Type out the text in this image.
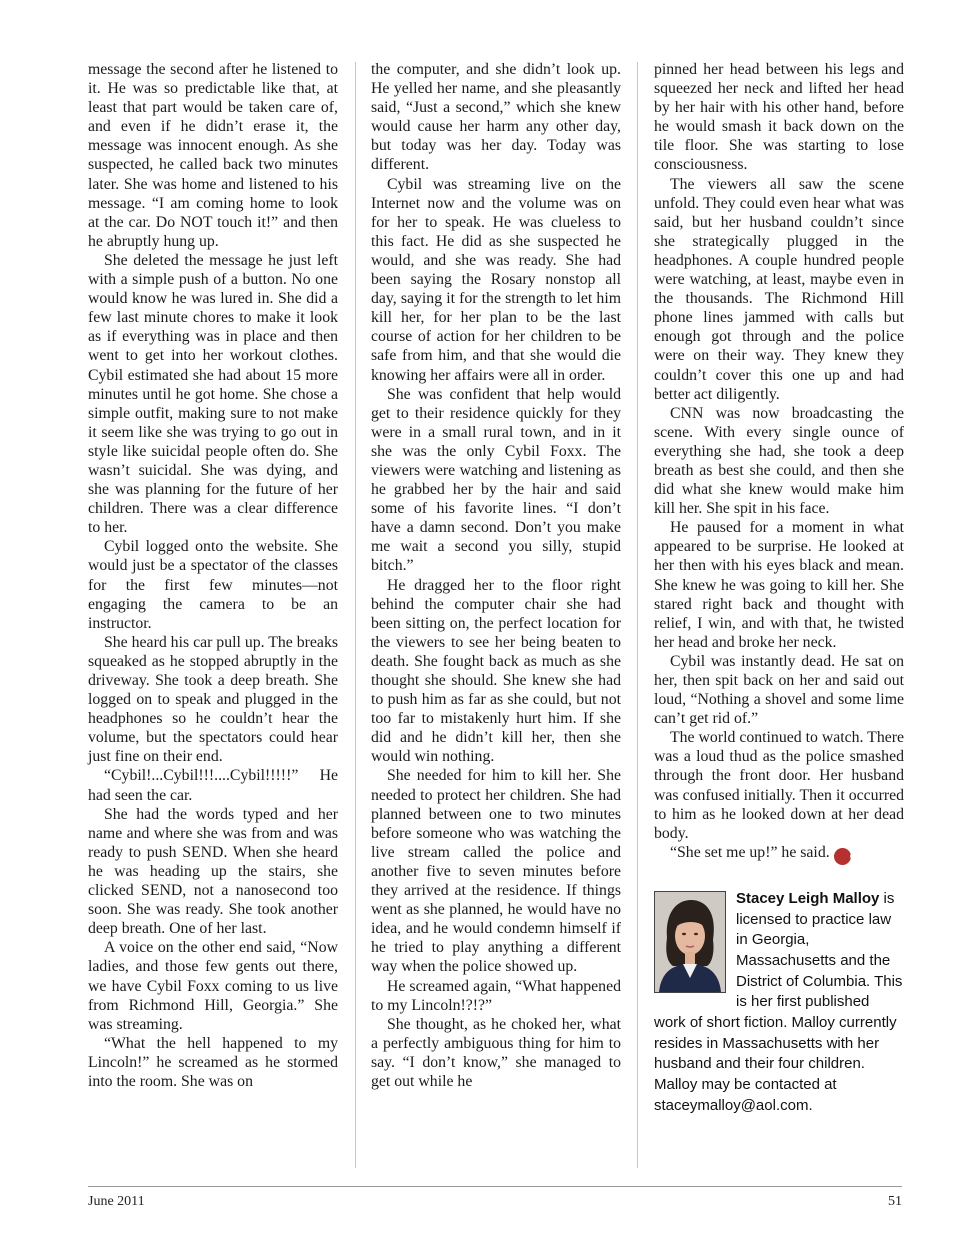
message the second after he listened to it. He was so predictable like that, at least that part would be taken care of, and even if he didn’t erase it, the message was innocent enough. As she suspected, he called back two minutes later. She was home and listened to his message. “I am coming home to look at the car. Do NOT touch it!” and then he abruptly hung up.

She deleted the message he just left with a simple push of a button. No one would know he was lured in. She did a few last minute chores to make it look as if everything was in place and then went to get into her workout clothes. Cybil estimated she had about 15 more minutes until he got home. She chose a simple outfit, making sure to not make it seem like she was trying to go out in style like suicidal people often do. She wasn’t suicidal. She was dying, and she was planning for the future of her children. There was a clear difference to her.

Cybil logged onto the website. She would just be a spectator of the classes for the first few minutes—not engaging the camera to be an instructor.

She heard his car pull up. The breaks squeaked as he stopped abruptly in the driveway. She took a deep breath. She logged on to speak and plugged in the headphones so he couldn’t hear the volume, but the spectators could hear just fine on their end.

“Cybil!...Cybil!!!....Cybil!!!!!” He had seen the car.

She had the words typed and her name and where she was from and was ready to push SEND. When she heard he was heading up the stairs, she clicked SEND, not a nanosecond too soon. She was ready. She took another deep breath. One of her last.

A voice on the other end said, “Now ladies, and those few gents out there, we have Cybil Foxx coming to us live from Richmond Hill, Georgia.” She was streaming.

“What the hell happened to my Lincoln!” he screamed as he stormed into the room. She was on

the computer, and she didn’t look up. He yelled her name, and she pleasantly said, “Just a second,” which she knew would cause her harm any other day, but today was her day. Today was different.

Cybil was streaming live on the Internet now and the volume was on for her to speak. He was clueless to this fact. He did as she suspected he would, and she was ready. She had been saying the Rosary nonstop all day, saying it for the strength to let him kill her, for her plan to be the last course of action for her children to be safe from him, and that she would die knowing her affairs were all in order.

She was confident that help would get to their residence quickly for they were in a small rural town, and in it she was the only Cybil Foxx. The viewers were watching and listening as he grabbed her by the hair and said some of his favorite lines. “I don’t have a damn second. Don’t you make me wait a second you silly, stupid bitch.”

He dragged her to the floor right behind the computer chair she had been sitting on, the perfect location for the viewers to see her being beaten to death. She fought back as much as she thought she should. She knew she had to push him as far as she could, but not too far to mistakenly hurt him. If she did and he didn’t kill her, then she would win nothing.

She needed for him to kill her. She needed to protect her children. She had planned between one to two minutes before someone who was watching the live stream called the police and another five to seven minutes before they arrived at the residence. If things went as she planned, he would have no idea, and he would condemn himself if he tried to play anything a different way when the police showed up.

He screamed again, “What happened to my Lincoln!?!?”

She thought, as he choked her, what a perfectly ambiguous thing for him to say. “I don’t know,” she managed to get out while he

pinned her head between his legs and squeezed her neck and lifted her head by her hair with his other hand, before he would smash it back down on the tile floor. She was starting to lose consciousness.

The viewers all saw the scene unfold. They could even hear what was said, but her husband couldn’t since she strategically plugged in the headphones. A couple hundred people were watching, at least, maybe even in the thousands. The Richmond Hill phone lines jammed with calls but enough got through and the police were on their way. They knew they couldn’t cover this one up and had better act diligently.

CNN was now broadcasting the scene. With every single ounce of everything she had, she took a deep breath as best she could, and then she did what she knew would make him kill her. She spit in his face.

He paused for a moment in what appeared to be surprise. He looked at her then with his eyes black and mean. She knew he was going to kill her. She stared right back and thought with relief, I win, and with that, he twisted her head and broke her neck.

Cybil was instantly dead. He sat on her, then spit back on her and said out loud, “Nothing a shovel and some lime can’t get rid of.”

The world continued to watch. There was a loud thud as the police smashed through the front door. Her husband was confused initially. Then it occurred to him as he looked down at her dead body.

“She set me up!” he said.	GBJ

Stacey Leigh Malloy is licensed to practice law in Georgia, Massachusetts and the District of Columbia. This is her first published work of short fiction. Malloy currently resides in Massachusetts with her husband and their four children. Malloy may be contacted at staceymalloy@aol.com.
June 2011	51
